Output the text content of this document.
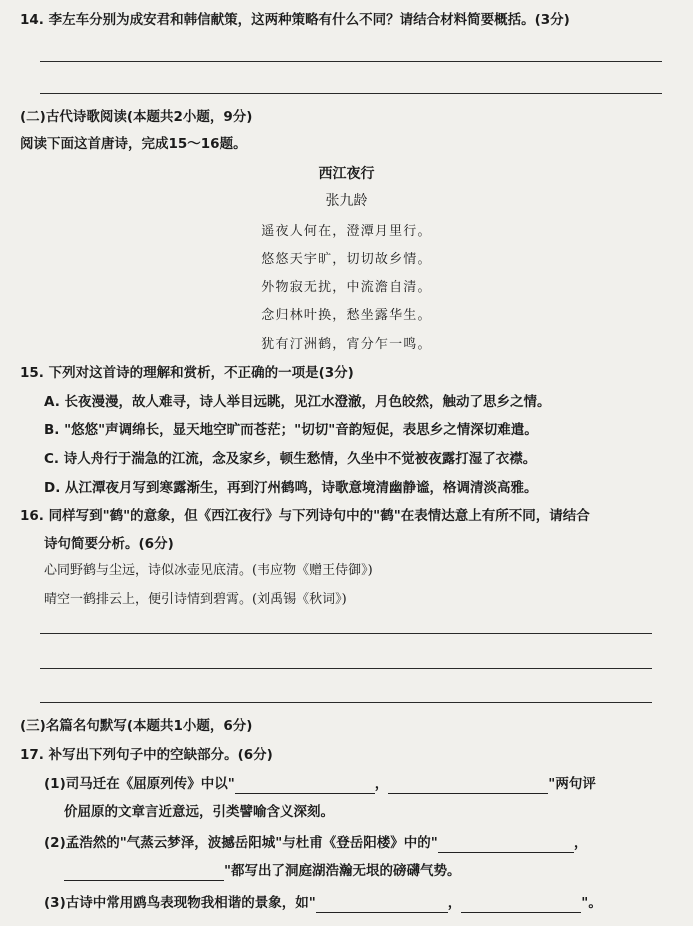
14. 李左车分别为成安君和韩信献策，这两种策略有什么不同？请结合材料简要概括。(3分)
(二)古代诗歌阅读(本题共2小题，9分)
阅读下面这首唐诗，完成15～16题。
西江夜行
张九龄
遥夜人何在，澄潭月里行。
悠悠天宇旷，切切故乡情。
外物寂无扰，中流澹自清。
念归林叶换，愁坐露华生。
犹有汀洲鹤，宵分乍一鸣。
15. 下列对这首诗的理解和赏析，不正确的一项是(3分)
A. 长夜漫漫，故人难寻，诗人举目远眺，见江水澄澈，月色皎然，触动了思乡之情。
B. "悠悠"声调绵长，显天地空旷而苍茫；"切切"音韵短促，表思乡之情深切难遣。
C. 诗人舟行于湍急的江流，念及家乡，顿生愁情，久坐中不觉被夜露打湿了衣襟。
D. 从江潭夜月写到寒露渐生，再到汀州鹤鸣，诗歌意境清幽静谧，格调清淡高雅。
16. 同样写到"鹤"的意象，但《西江夜行》与下列诗句中的"鹤"在表情达意上有所不同，请结合
诗句简要分析。(6分)
心同野鹤与尘远，诗似冰壶见底清。(韦应物《赠王侍御》)
晴空一鹤排云上，便引诗情到碧霄。(刘禹锡《秋词》)
(三)名篇名句默写(本题共1小题，6分)
17. 补写出下列句子中的空缺部分。(6分)
(1)司马迁在《屈原列传》中以"	，	"两句评
价屈原的文章言近意远，引类譬喻含义深刻。
(2)孟浩然的"气蒸云梦泽，波撼岳阳城"与杜甫《登岳阳楼》中的"	，
"都写出了洞庭湖浩瀚无垠的磅礴气势。
(3)古诗中常用鸥鸟表现物我相谐的景象，如"	，	"。
